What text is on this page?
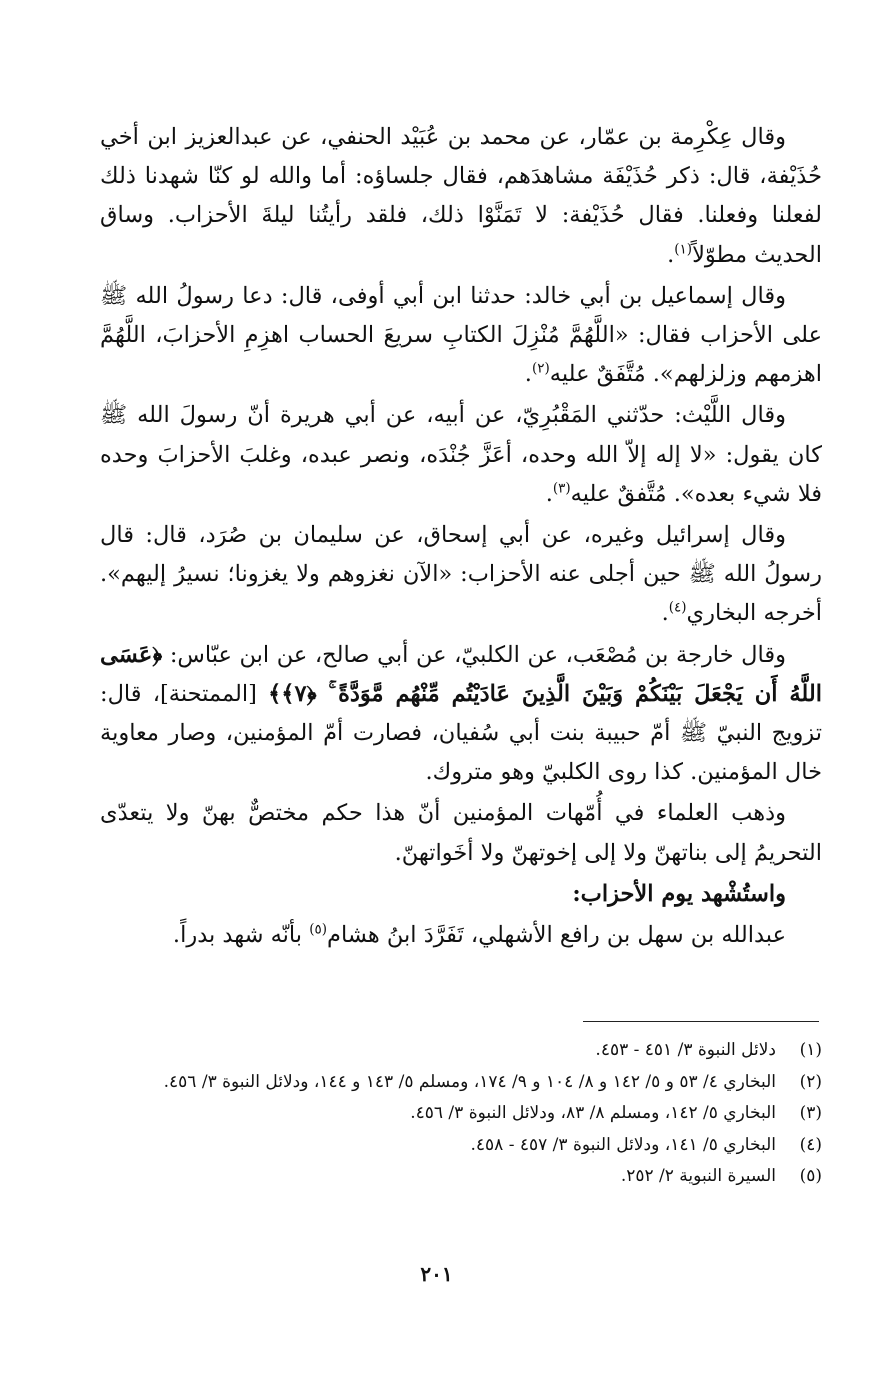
وقال عِكْرِمة بن عمّار، عن محمد بن عُبَيْد الحنفي، عن عبدالعزيز ابن أخي حُذَيْفة، قال: ذكر حُذَيْفَة مشاهدَهم، فقال جلساؤه: أما والله لو كنّا شهدنا ذلك لفعلنا وفعلنا. فقال حُذَيْفة: لا تَمَنَّوْا ذلك، فلقد رأيتُنا ليلةَ الأحزاب. وساق الحديث مطوّلاً$^{(١)}$.

وقال إسماعيل بن أبي خالد: حدثنا ابن أبي أوفى، قال: دعا رسولُ الله ﷺ على الأحزاب فقال: «اللَّهُمَّ مُنْزِلَ الكتابِ سريعَ الحساب اهزِمِ الأحزابَ، اللَّهُمَّ اهزمهم وزلزلهم». مُتَّفَقٌ عليه$^{(٢)}$.

وقال اللَّيْث: حدّثني المَقْبُرِيّ، عن أبيه، عن أبي هريرة أنّ رسولَ الله ﷺ كان يقول: «لا إله إلاّ الله وحده، أعَزَّ جُنْدَه، ونصر عبده، وغلبَ الأحزابَ وحده فلا شيء بعده». مُتَّفقٌ عليه$^{(٣)}$.

وقال إسرائيل وغيره، عن أبي إسحاق، عن سليمان بن صُرَد، قال: قال رسولُ الله ﷺ حين أجلى عنه الأحزاب: «الآن نغزوهم ولا يغزونا؛ نسيرُ إليهم». أخرجه البخاري$^{(٤)}$.

وقال خارجة بن مُصْعَب، عن الكلبيّ، عن أبي صالح، عن ابن عبّاس: ﴿عَسَى اللَّهُ أَن يَجْعَلَ بَيْنَكُمْ وَبَيْنَ الَّذِينَ عَادَيْتُم مِّنْهُم مَّوَدَّةً ۚ ﴿٧﴾﴾ [الممتحنة]، قال: تزويج النبيّ ﷺ أمّ حبيبة بنت أبي سُفيان، فصارت أمّ المؤمنين، وصار معاوية خال المؤمنين. كذا روى الكلبيّ وهو متروك.

وذهب العلماء في أُمّهات المؤمنين أنّ هذا حكم مختصٌّ بهنّ ولا يتعدّى التحريمُ إلى بناتهنّ ولا إلى إخوتهنّ ولا أخَواتهنّ.

واستُشْهد يوم الأحزاب:

عبدالله بن سهل بن رافع الأشهلي، تَفَرَّدَ ابنُ هشام$^{(٥)}$ بأنّه شهد بدراً.

(١)
دلائل النبوة ٣/ ٤٥١ - ٤٥٣.
(٢)
البخاري ٤/ ٥٣ و ٥/ ١٤٢ و ٨/ ١٠٤ و ٩/ ١٧٤، ومسلم ٥/ ١٤٣ و ١٤٤، ودلائل النبوة ٣/ ٤٥٦.
(٣)
البخاري ٥/ ١٤٢، ومسلم ٨/ ٨٣، ودلائل النبوة ٣/ ٤٥٦.
(٤)
البخاري ٥/ ١٤١، ودلائل النبوة ٣/ ٤٥٧ - ٤٥٨.
(٥)
السيرة النبوية ٢/ ٢٥٢.
٢٠١
